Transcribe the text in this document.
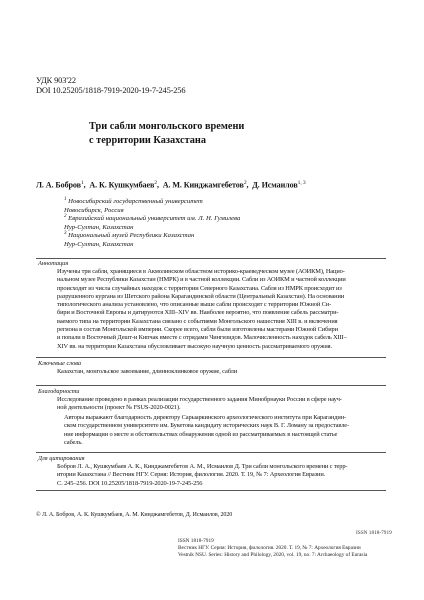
УДК 903'22
DOI 10.25205/1818-7919-2020-19-7-245-256
Три сабли монгольского времени
с территории Казахстана
Л. А. Бобров$^1$,  А. К. Кушкумбаев$^2$,  А. М. Кинджамгебетов$^2$,  Д. Исмаилов$^{1, 3}$
$^1$ Новосибирский государственный университет
Новосибирск, Россия
$^2$ Евразийский национальный университет им. Л. Н. Гумилева
Нур-Султан, Казахстан
$^3$ Национальный музей Республики Казахстан
Нур-Султан, Казахстан
Аннотация
Изучены три сабли, хранящиеся в Акмолинском областном историко-краеведческом музее (АОИКМ), Нацио-
нальном музее Республики Казахстан (НМРК) и в частной коллекции. Сабли из АОИКМ и частной коллекции
происходят из числа случайных находок с территории Северного Казахстана. Сабля из НМРК происходит из
разрушенного кургана из Шетского района Карагандинской области (Центральный Казахстан). На основании
типологического анализа установлено, что описанные выше сабли происходят с территории Южной Си-
бири и Восточной Европы и датируются XIII–XIV вв. Наиболее вероятно, что появление сабель рассматри-
ваемого типа на территории Казахстана связано с событиями Монгольского нашествия XIII в. и включения
региона в состав Монгольской империи. Скорее всего, сабли были изготовлены мастерами Южной Сибири
и попали в Восточный Дешт-и Кипчак вместе с отрядами Чингизидов. Малочисленность находок сабель XIII–
XIV вв. на территории Казахстана обусловливает высокую научную ценность рассматриваемого оружия.
Ключевые слова
Казахстан, монгольское завоевание, длинноклинковое оружие, сабли
Благодарности
Исследование проведено в рамках реализации государственного задания Минобрнауки России в сфере науч-
ной деятельности (проект № FSUS-2020-0021).
Авторы выражают благодарность директору Сарыаркинского археологического института при Карагандин-
ском государственном университете им. Букетова кандидату исторических наук В. Г. Ломану за предоставле-
ние информации о месте и обстоятельствах обнаружения одной из рассматриваемых в настоящей статье
сабель.
Для цитирования
Бобров Л. А., Кушкумбаев А. К., Кинджамгебетов А. М., Исмаилов Д. Три сабли монгольского времени с терр-
итории Казахстана // Вестник НГУ. Серия: История, филология. 2020. Т. 19, № 7: Археология Евразии.
С. 245–256. DOI 10.25205/1818-7919-2020-19-7-245-256
© Л. А. Бобров, А. К. Кушкумбаев, А. М. Кинджамгебетов, Д. Исмаилов, 2020
ISSN 1818-7919
ISSN 1818-7919
Вестник НГУ. Серия: История, филология. 2020. Т. 19, № 7: Археология Евразии
Vestnik NSU. Series: History and Philology, 2020, vol. 19, no. 7: Archaeology of Eurasia
